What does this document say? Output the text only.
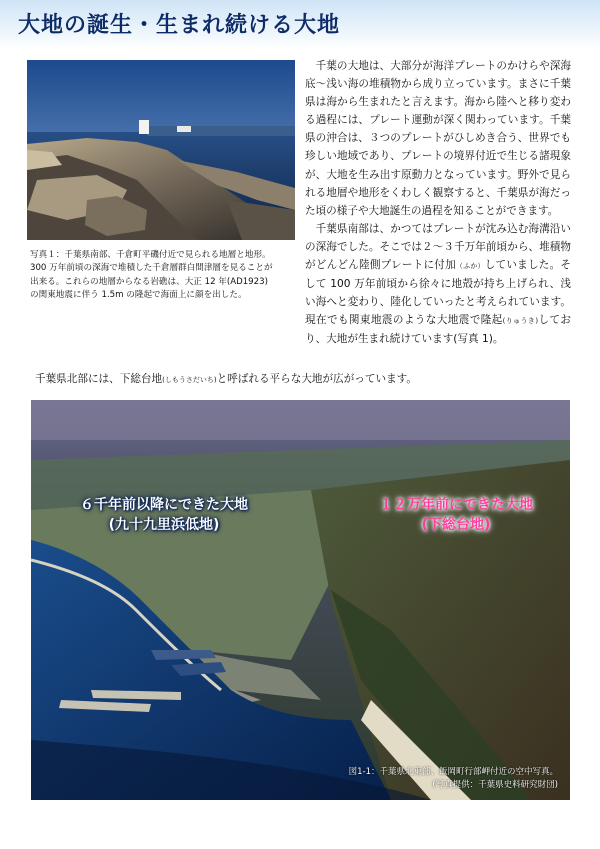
大地の誕生・生まれ続ける大地

写真１：千葉県南部、千倉町平磯付近で見られる地層と地形。

300 万年前頃の深海で堆積した千倉層群白間津層を見ることが

出来る。これらの地層からなる岩礁は、大正 12 年(AD1923)

の関東地震に伴う 1.5m の隆起で海面上に顔を出した。

千葉の大地は、大部分が海洋プレートのかけらや深海底～浅い海の堆積物から成り立っています。まさに千葉県は海から生まれたと言えます。海から陸へと移り変わる過程には、プレート運動が深く関わっています。千葉県の沖合は、３つのプレートがひしめき合う、世界でも珍しい地域であり、プレートの境界付近で生じる諸現象が、大地を生み出す原動力となっています。野外で見られる地層や地形をくわしく観察すると、千葉県が海だった頃の様子や大地誕生の過程を知ることができます。

千葉県南部は、かつてはプレートが沈み込む海溝沿いの深海でした。そこでは２～３千万年前頃から、堆積物がどんどん陸側プレートに付加（ふか）していました。そして 100 万年前頃から徐々に地殻が持ち上げられ、浅い海へと変わり、陸化していったと考えられています。現在でも関東地震のような大地震で隆起(りゅうき)しており、大地が生まれ続けています(写真 1)。

千葉県北部には、下総台地(しもうさだいち)と呼ばれる平らな大地が広がっています。
６千年前以降にできた大地
(九十九里浜低地)
１２万年前にできた大地
(下総台地)
図1-1：千葉県北東部、飯岡町行部岬付近の空中写真。
(写真提供：千葉県史料研究財団)
